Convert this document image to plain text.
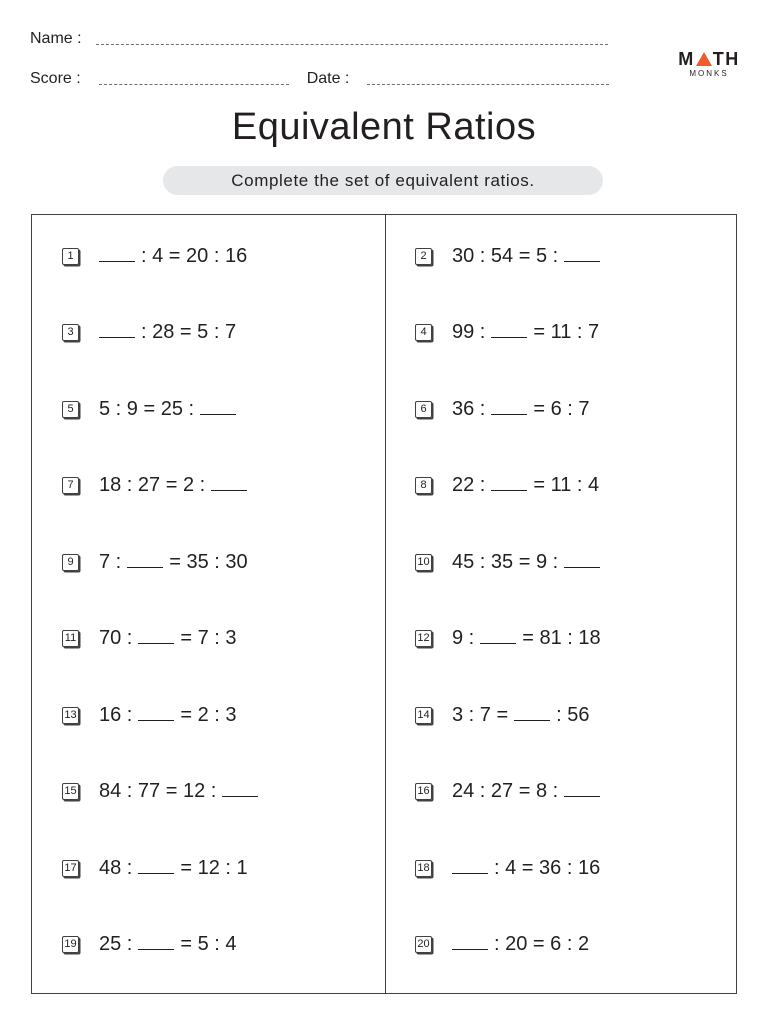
Name :
Score :	Date :
M TH
MONKS
Equivalent Ratios
Complete the set of equivalent ratios.
1	: 4 = 20 : 16	2 30 : 54 = 5 :
3	: 28 = 5 : 7	4 99 : = 11 : 7
5 5 : 9 = 25 :	6 36 : = 6 : 7
7 18 : 27 = 2 :	8 22 : = 11 : 4
9 7 : = 35 : 30	10 45 : 35 = 9 :
11 70 : = 7 : 3	12 9 : = 81 : 18
13 16 : = 2 : 3	14 3 : 7 = : 56
15 84 : 77 = 12 :	16 24 : 27 = 8 :
17 48 : = 12 : 1	18	: 4 = 36 : 16
19 25 : = 5 : 4	20	: 20 = 6 : 2
